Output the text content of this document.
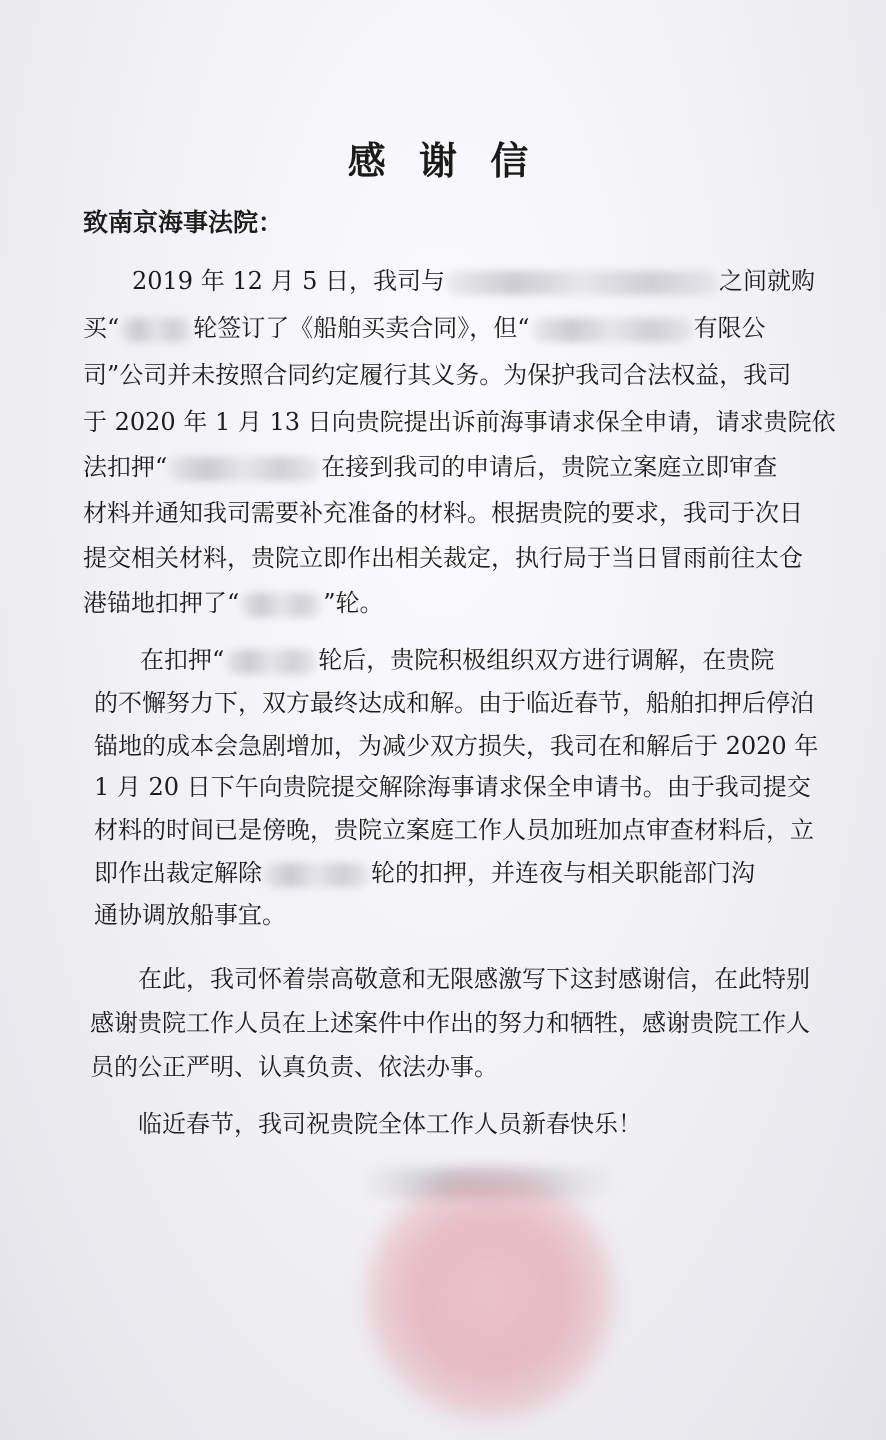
感 谢 信
致南京海事法院：
2019 年 12 月 5 日，我司与	之间就购
买“	轮签订了《船舶买卖合同》，但“	有限公
司”公司并未按照合同约定履行其义务。为保护我司合法权益，我司
于 2020 年 1 月 13 日向贵院提出诉前海事请求保全申请，请求贵院依
法扣押“	在接到我司的申请后，贵院立案庭立即审查
材料并通知我司需要补充准备的材料。根据贵院的要求，我司于次日
提交相关材料，贵院立即作出相关裁定，执行局于当日冒雨前往太仓
港锚地扣押了“	”轮。
在扣押“	轮后，贵院积极组织双方进行调解，在贵院
的不懈努力下，双方最终达成和解。由于临近春节，船舶扣押后停泊
锚地的成本会急剧增加，为减少双方损失，我司在和解后于 2020 年
1 月 20 日下午向贵院提交解除海事请求保全申请书。由于我司提交
材料的时间已是傍晚，贵院立案庭工作人员加班加点审查材料后，立
即作出裁定解除	轮的扣押，并连夜与相关职能部门沟
通协调放船事宜。
在此，我司怀着崇高敬意和无限感激写下这封感谢信，在此特别
感谢贵院工作人员在上述案件中作出的努力和牺牲，感谢贵院工作人
员的公正严明、认真负责、依法办事。
临近春节，我司祝贵院全体工作人员新春快乐！
